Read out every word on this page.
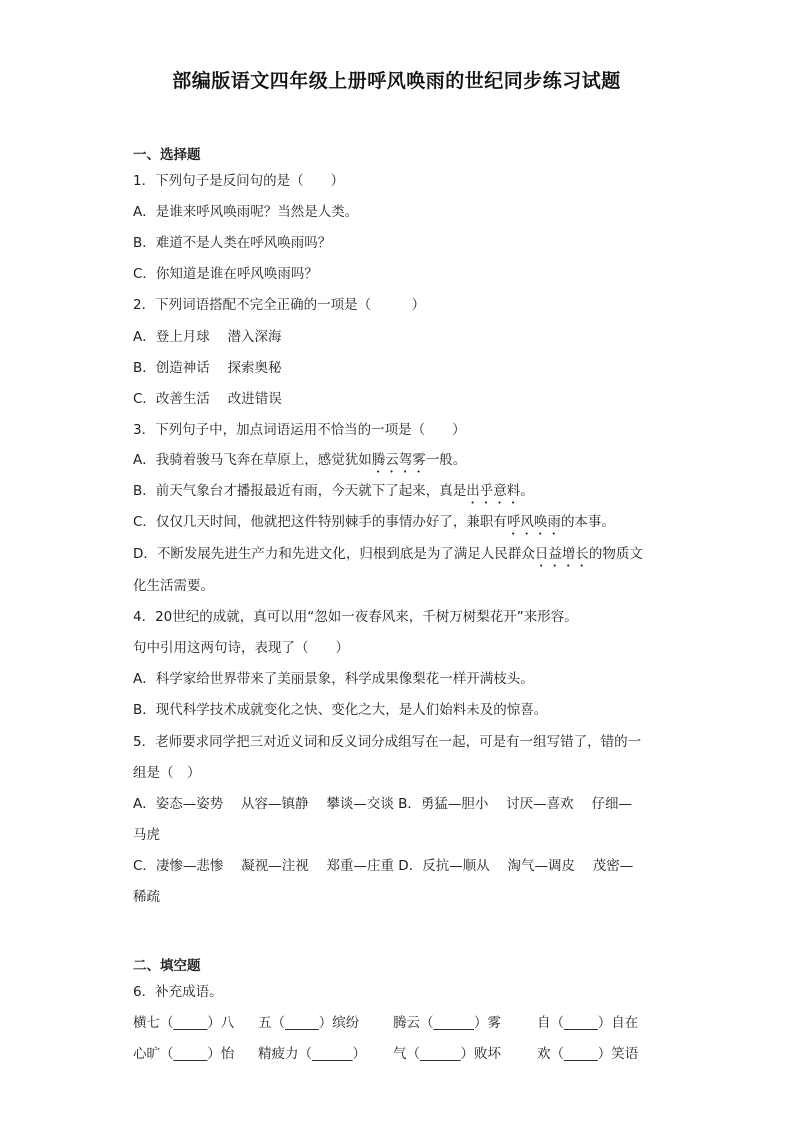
部编版语文四年级上册呼风唤雨的世纪同步练习试题
一、选择题
1．下列句子是反问句的是（　　）
A．是谁来呼风唤雨呢？当然是人类。
B．难道不是人类在呼风唤雨吗？
C．你知道是谁在呼风唤雨吗？
2．下列词语搭配不完全正确的一项是（　　　）
A．登上月球　 潜入深海
B．创造神话　 探索奥秘
C．改善生活　 改进错误
3．下列句子中，加点词语运用不恰当的一项是（　　）
A．我骑着骏马飞奔在草原上，感觉犹如腾云驾雾一般。
B．前天气象台才播报最近有雨，今天就下了起来，真是出乎意料。
C．仅仅几天时间，他就把这件特别棘手的事情办好了，兼职有呼风唤雨的本事。
D．不断发展先进生产力和先进文化，归根到底是为了满足人民群众日益增长的物质文
化生活需要。
4．20世纪的成就，真可以用“忽如一夜春风来，千树万树梨花开”来形容。
句中引用这两句诗，表现了（　　）
A．科学家给世界带来了美丽景象，科学成果像梨花一样开满枝头。
B．现代科学技术成就变化之快、变化之大，是人们始料未及的惊喜。
5．老师要求同学把三对近义词和反义词分成组写在一起，可是有一组写错了，错的一
组是（　）
A．姿态—姿势　 从容—镇静　 攀谈—交谈 B．勇猛—胆小　 讨厌—喜欢　 仔细—
马虎
C．凄惨—悲惨　 凝视—注视　 郑重—庄重 D．反抗—顺从　 淘气—调皮　 茂密—
稀疏
二、填空题
6．补充成语。
横七（_____）八 五（_____）缤纷	腾云（______）雾	自（_____）自在
心旷（_____）怡 精疲力（______） 气（______）败坏	欢（_____）笑语
